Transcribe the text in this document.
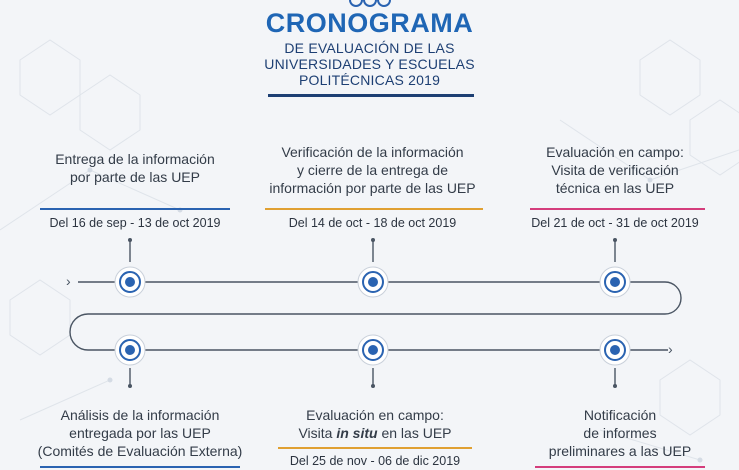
CRONOGRAMA
DE EVALUACIÓN DE LAS
UNIVERSIDADES Y ESCUELAS
POLITÉCNICAS 2019
Entrega de la información
por parte de las UEP
Del 16 de sep - 13 de oct 2019
Verificación de la información
y cierre de la entrega de
información por parte de las UEP
Del 14 de oct - 18 de oct 2019
Evaluación en campo:
Visita de verificación
técnica en las UEP
Del 21 de oct - 31 de oct 2019
›
›
Análisis de la información
entregada por las UEP
(Comités de Evaluación Externa)
Evaluación en campo:
Visita in situ en las UEP
Del 25 de nov - 06 de dic 2019
Notificación
de informes
preliminares a las UEP
